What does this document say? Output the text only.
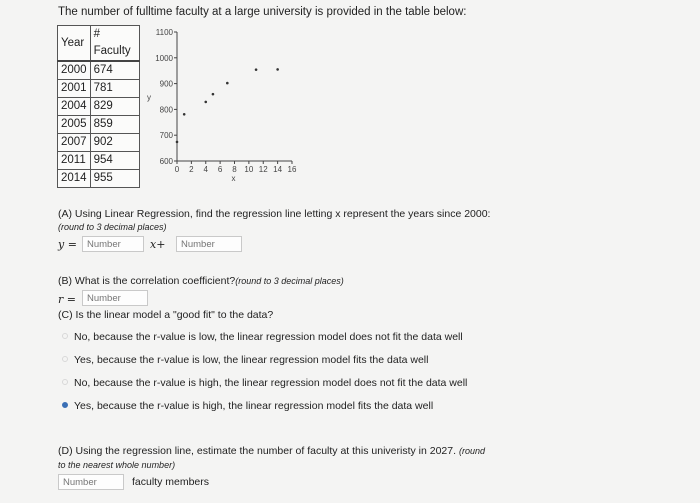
The number of fulltime faculty at a large university is provided in the table below:
Year	# Faculty
2000	674
2001	781
2004	829
2005	859
2007	902
2011	954
2014	955
600
700
800
900
1000
1100
0 2 4 6 8 10 12 14 16
y
x
(A) Using Linear Regression, find the regression line letting x represent the years since 2000:
(round to 3 decimal places)
y =
Number	x+
Number
(B) What is the correlation coefficient?(round to 3 decimal places)
r =
Number
(C) Is the linear model a "good fit" to the data?
No, because the r-value is low, the linear regression model does not fit the data well
Yes, because the r-value is low, the linear regression model fits the data well
No, because the r-value is high, the linear regression model does not fit the data well
Yes, because the r-value is high, the linear regression model fits the data well
(D) Using the regression line, estimate the number of faculty at this univeristy in 2027. (round
to the nearest whole number)
Number
faculty members
